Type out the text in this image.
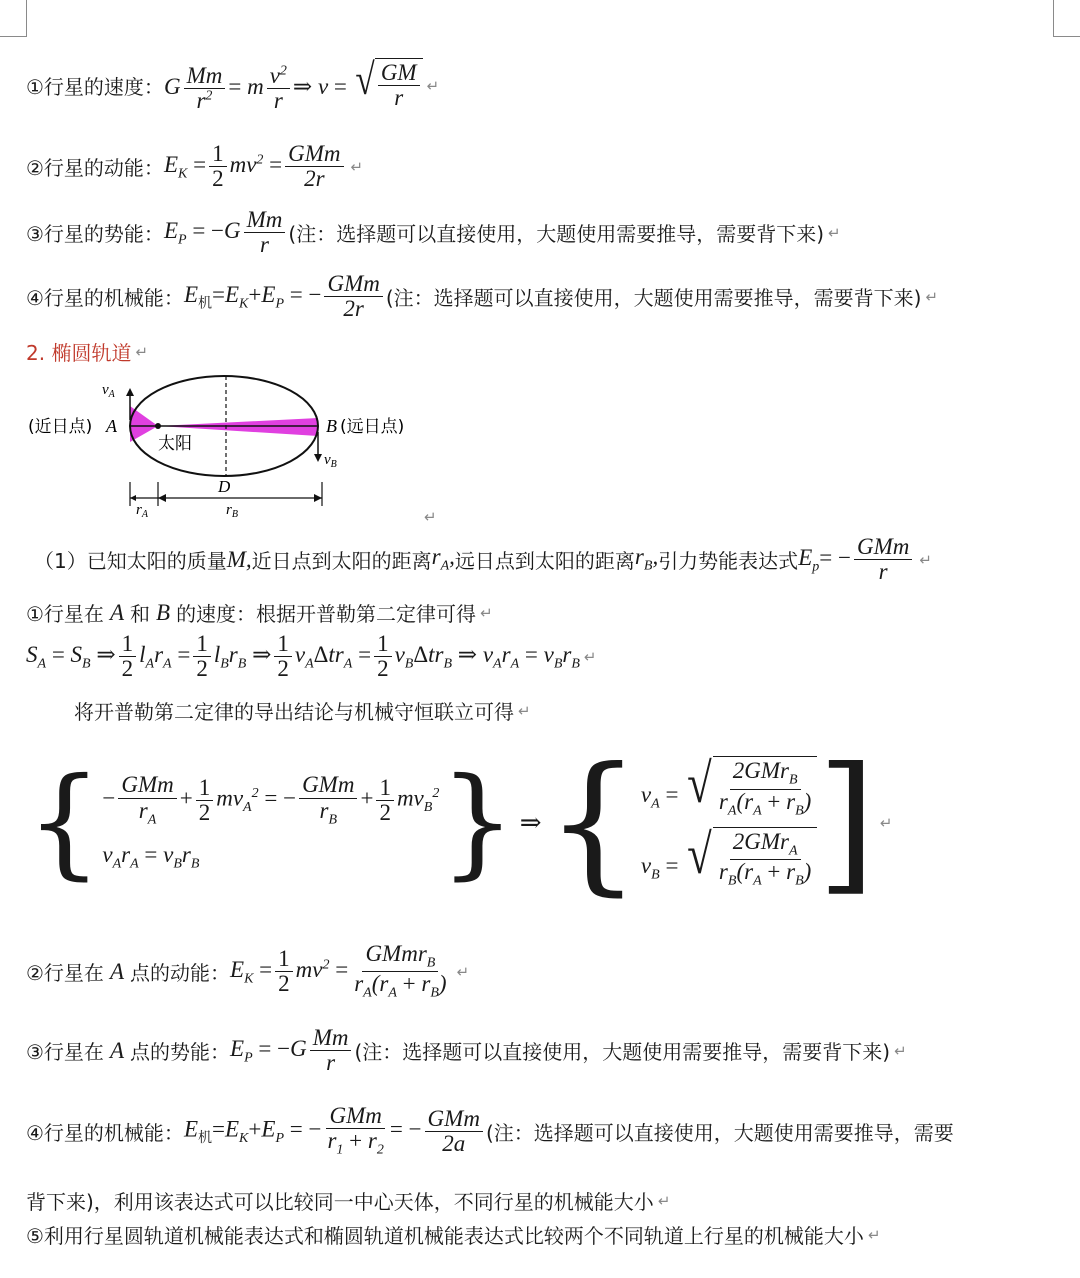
①行星的速度： G $\frac{Mm}{r^2} = m \frac{v^2}{r}$ ⇒ v = √ $\frac{GM}{r}$ ↵
②行星的动能： $E_K = \frac{1}{2} mv^2 = \frac{\text{GMm}}{2r}$ ↵
③行星的势能： $E_P = -G \frac{Mm}{r}$ (注：选择题可以直接使用，大题使用需要推导，需要背下来) ↵
④行星的机械能： $E_机=E_K+E_P$ = − $\frac{\text{GMm}}{2r}$ (注：选择题可以直接使用，大题使用需要推导，需要背下来) ↵
2. 椭圆轨道 ↵
(近日点) A	B (远日点)
太阳
D
$v_A$
$v_B$
$r_A$	$r_B$	↵
（1）已知太阳的质量 M, 近日点到太阳的距离 $r_A$, 远日点到太阳的距离 $r_B$, 引力势能表达式 $E_p= - \frac{\text{GMm}}{r}$ ↵
①行星在 A 和 B 的速度：根据开普勒第二定律可得 ↵
$S_A = S_B$ ⇒ $\frac{1}{2} l_Ar_A = \frac{1}{2} l_Br_B$ ⇒ $\frac{1}{2} v_A\Delta tr_A = \frac{1}{2} v_B\Delta tr_B$ ⇒ $v_Ar_A = v_Br_B$ ↵
将开普勒第二定律的导出结论与机械守恒联立可得 ↵
{ − $\frac{\text{GMm}}{r_A} + \frac{1}{2} mv_A^2$ = − $\frac{\text{GMm}}{r_B} + \frac{1}{2} mv_B^2$
$v_Ar_A = v_Br_B$	} ⇒ { $v_A$ = √ $\frac{2GMr_B}{r_A(r_A + r_B)}$
$v_B$ = √ $\frac{2GMr_A}{r_B(r_A + r_B)}$ ] ↵
②行星在 A 点的动能： $E_K = \frac{1}{2} mv^2 = \frac{GMmr_B}{r_A(r_A + r_B)}$ ↵
③行星在 A 点的势能： $E_P = -G \frac{Mm}{r}$ (注：选择题可以直接使用，大题使用需要推导，需要背下来) ↵
④行星的机械能： $E_机=E_K+E_P$ = − $\frac{\text{GMm}}{r_1 + r_2}$ = − $\frac{\text{GMm}}{2a}$ (注：选择题可以直接使用，大题使用需要推导，需要
背下来)，利用该表达式可以比较同一中心天体，不同行星的机械能大小 ↵
⑤利用行星圆轨道机械能表达式和椭圆轨道机械能表达式比较两个不同轨道上行星的机械能大小 ↵
